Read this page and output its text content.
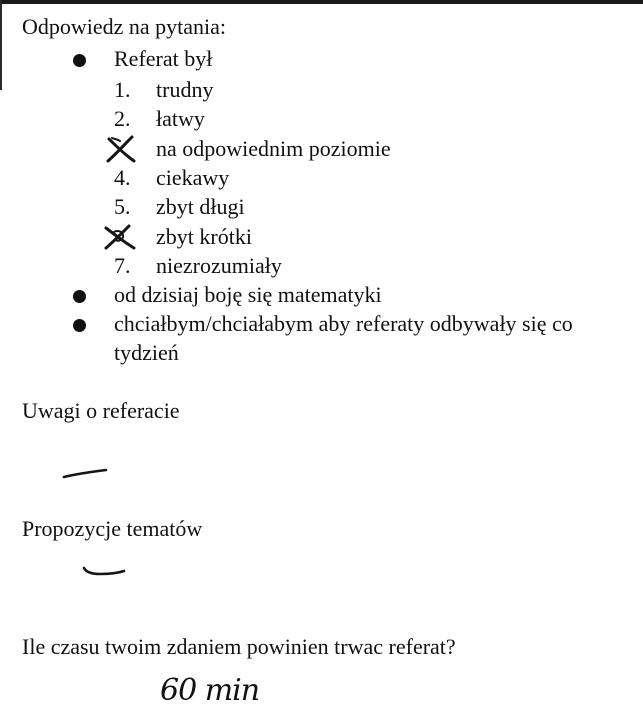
Odpowiedz na pytania:
Referat był
1. trudny
2. łatwy
na odpowiednim poziomie
4. ciekawy
5. zbyt długi
zbyt krótki
7. niezrozumiały
od dzisiaj boję się matematyki
chciałbym/chciałabym aby referaty odbywały się co
tydzień
Uwagi o referacie
Propozycje tematów
Ile czasu twoim zdaniem powinien trwac referat?
60 min
